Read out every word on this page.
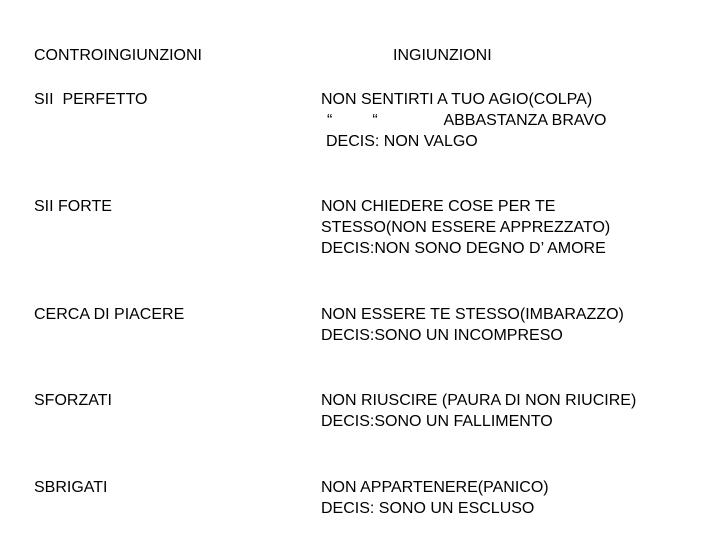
CONTROINGIUNZIONI	INGIUNZIONI
SII  PERFETTO	NON SENTIRTI A TUO AGIO(COLPA)
“         “               ABBASTANZA BRAVO
DECIS: NON VALGO
SII FORTE	NON CHIEDERE COSE PER TE
STESSO(NON ESSERE APPREZZATO)
DECIS:NON SONO DEGNO D’ AMORE
CERCA DI PIACERE	NON ESSERE TE STESSO(IMBARAZZO)
DECIS:SONO UN INCOMPRESO
SFORZATI	NON RIUSCIRE (PAURA DI NON RIUCIRE)
DECIS:SONO UN FALLIMENTO
SBRIGATI	NON APPARTENERE(PANICO)
DECIS: SONO UN ESCLUSO
